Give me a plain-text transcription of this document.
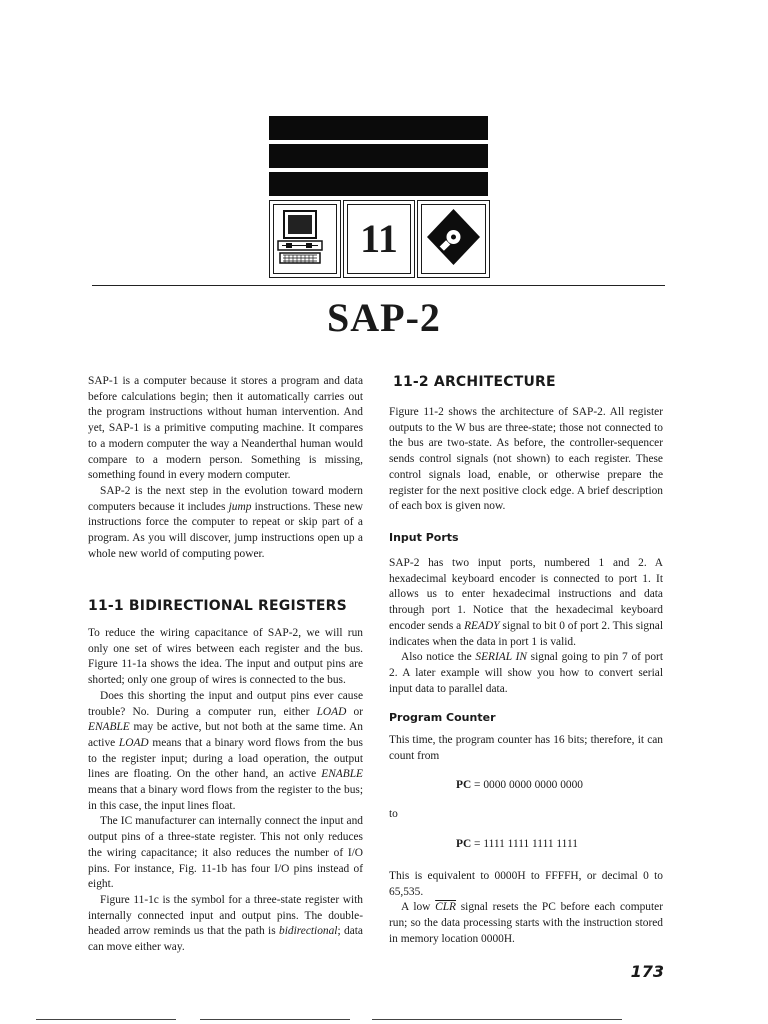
11
SAP-2

SAP-1 is a computer because it stores a program and data before calculations begin; then it automatically carries out the program instructions without human intervention. And yet, SAP-1 is a primitive computing machine. It compares to a modern computer the way a Neanderthal human would compare to a modern person. Something is missing, something found in every modern computer.

SAP-2 is the next step in the evolution toward modern computers because it includes jump instructions. These new instructions force the computer to repeat or skip part of a program. As you will discover, jump instructions open up a whole new world of computing power.

11-1 BIDIRECTIONAL REGISTERS

To reduce the wiring capacitance of SAP-2, we will run only one set of wires between each register and the bus. Figure 11-1a shows the idea. The input and output pins are shorted; only one group of wires is connected to the bus.

Does this shorting the input and output pins ever cause trouble? No. During a computer run, either LOAD or ENABLE may be active, but not both at the same time. An active LOAD means that a binary word flows from the bus to the register input; during a load operation, the output lines are floating. On the other hand, an active ENABLE means that a binary word flows from the register to the bus; in this case, the input lines float.

The IC manufacturer can internally connect the input and output pins of a three-state register. This not only reduces the wiring capacitance; it also reduces the number of I/O pins. For instance, Fig. 11-1b has four I/O pins instead of eight.

Figure 11-1c is the symbol for a three-state register with internally connected input and output pins. The double-headed arrow reminds us that the path is bidirectional; data can move either way.

11-2 ARCHITECTURE

Figure 11-2 shows the architecture of SAP-2. All register outputs to the W bus are three-state; those not connected to the bus are two-state. As before, the controller-sequencer sends control signals (not shown) to each register. These control signals load, enable, or otherwise prepare the register for the next positive clock edge. A brief description of each box is given now.

Input Ports

SAP-2 has two input ports, numbered 1 and 2. A hexadecimal keyboard encoder is connected to port 1. It allows us to enter hexadecimal instructions and data through port 1. Notice that the hexadecimal keyboard encoder sends a READY signal to bit 0 of port 2. This signal indicates when the data in port 1 is valid.

Also notice the SERIAL IN signal going to pin 7 of port 2. A later example will show you how to convert serial input data to parallel data.

Program Counter

This time, the program counter has 16 bits; therefore, it can count from

PC = 0000 0000 0000 0000
to
PC = 1111 1111 1111 1111

This is equivalent to 0000H to FFFFH, or decimal 0 to 65,535.

A low $\overline{CLR}$ signal resets the PC before each computer run; so the data processing starts with the instruction stored in memory location 0000H.

173
